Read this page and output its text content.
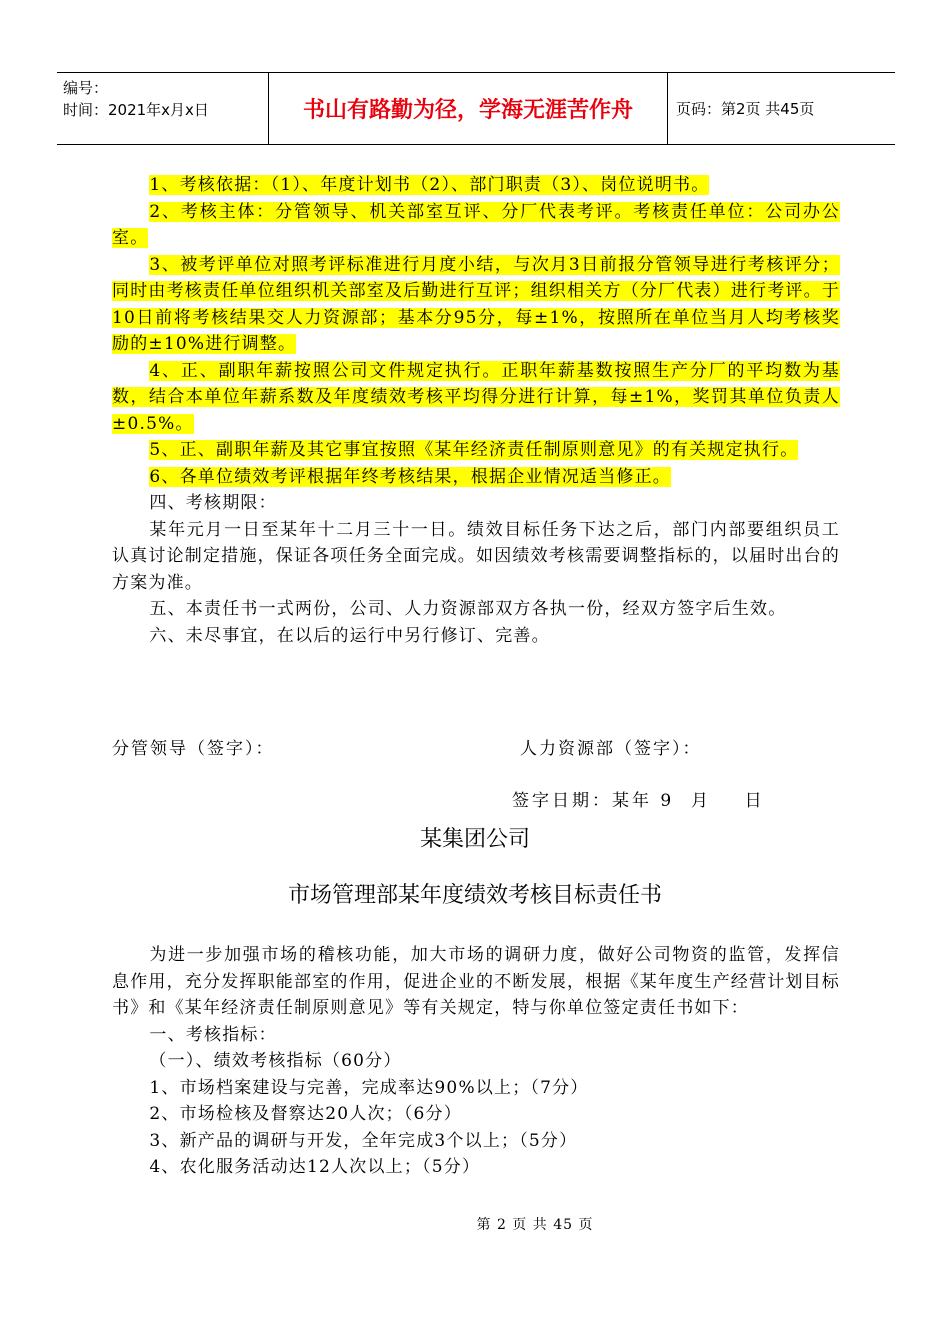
编号：
时间：2021年x月x日	书山有路勤为径，学海无涯苦作舟	页码：第2页 共45页

1、考核依据：（1）、年度计划书（2）、部门职责（3）、岗位说明书。

2、考核主体：分管领导、机关部室互评、分厂代表考评。考核责任单位：公司办公室。

3、被考评单位对照考评标准进行月度小结，与次月3日前报分管领导进行考核评分；同时由考核责任单位组织机关部室及后勤进行互评；组织相关方（分厂代表）进行考评。于10日前将考核结果交人力资源部；基本分95分，每±1%，按照所在单位当月人均考核奖励的±10%进行调整。

4、正、副职年薪按照公司文件规定执行。正职年薪基数按照生产分厂的平均数为基数，结合本单位年薪系数及年度绩效考核平均得分进行计算，每±1%，奖罚其单位负责人±0.5%。

5、正、副职年薪及其它事宜按照《某年经济责任制原则意见》的有关规定执行。

6、各单位绩效考评根据年终考核结果，根据企业情况适当修正。

四、考核期限：

某年元月一日至某年十二月三十一日。绩效目标任务下达之后，部门内部要组织员工认真讨论制定措施，保证各项任务全面完成。如因绩效考核需要调整指标的，以届时出台的方案为准。

五、本责任书一式两份，公司、人力资源部双方各执一份，经双方签字后生效。

六、未尽事宜，在以后的运行中另行修订、完善。

分管领导（签字）：	人力资源部（签字）：
签字日期：某年 9  月    日
某集团公司
市场管理部某年度绩效考核目标责任书

为进一步加强市场的稽核功能，加大市场的调研力度，做好公司物资的监管，发挥信息作用，充分发挥职能部室的作用，促进企业的不断发展，根据《某年度生产经营计划目标书》和《某年经济责任制原则意见》等有关规定，特与你单位签定责任书如下：

一、考核指标：

（一）、绩效考核指标（60分）

1、市场档案建设与完善，完成率达90%以上；（7分）

2、市场检核及督察达20人次；（6分）

3、新产品的调研与开发，全年完成3个以上；（5分）

4、农化服务活动达12人次以上；（5分）

第 2 页 共 45 页
